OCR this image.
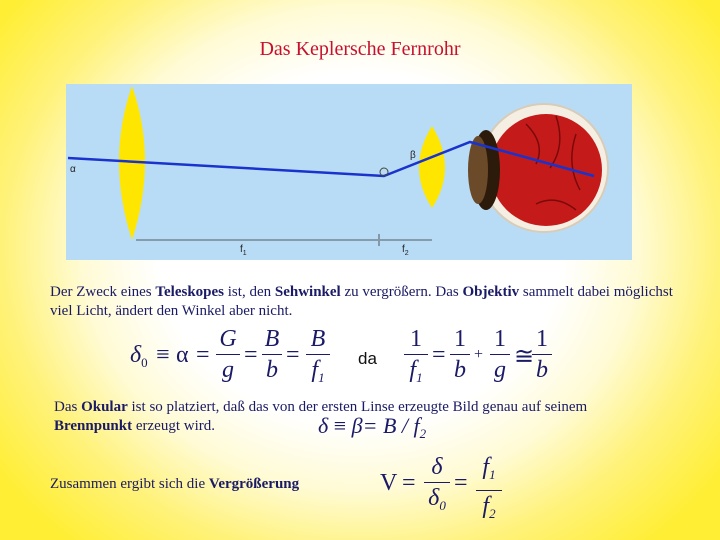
Das Keplersche Fernrohr
α
β
$f_1$	$f_2$
Der Zweck eines Teleskopes ist, den Sehwinkel zu vergrößern. Das Objektiv sammelt dabei möglichst viel Licht, ändert den Winkel aber nicht.
$\delta_0 \equiv \alpha$ =
G
g
=
B
b
=
B
$f_1$
da
1
$f_1$
=
1
b
+
1
g ≅
1
b
Das Okular ist so platziert, daß das von der ersten Linse erzeugte Bild genau auf seinem Brennpunkt erzeugt wird.	$\delta \equiv \beta= B / f_2$
Zusammen ergibt sich die Vergrößerung	V =
δ
$\delta_0$
=
$f_1$
$f_2$
